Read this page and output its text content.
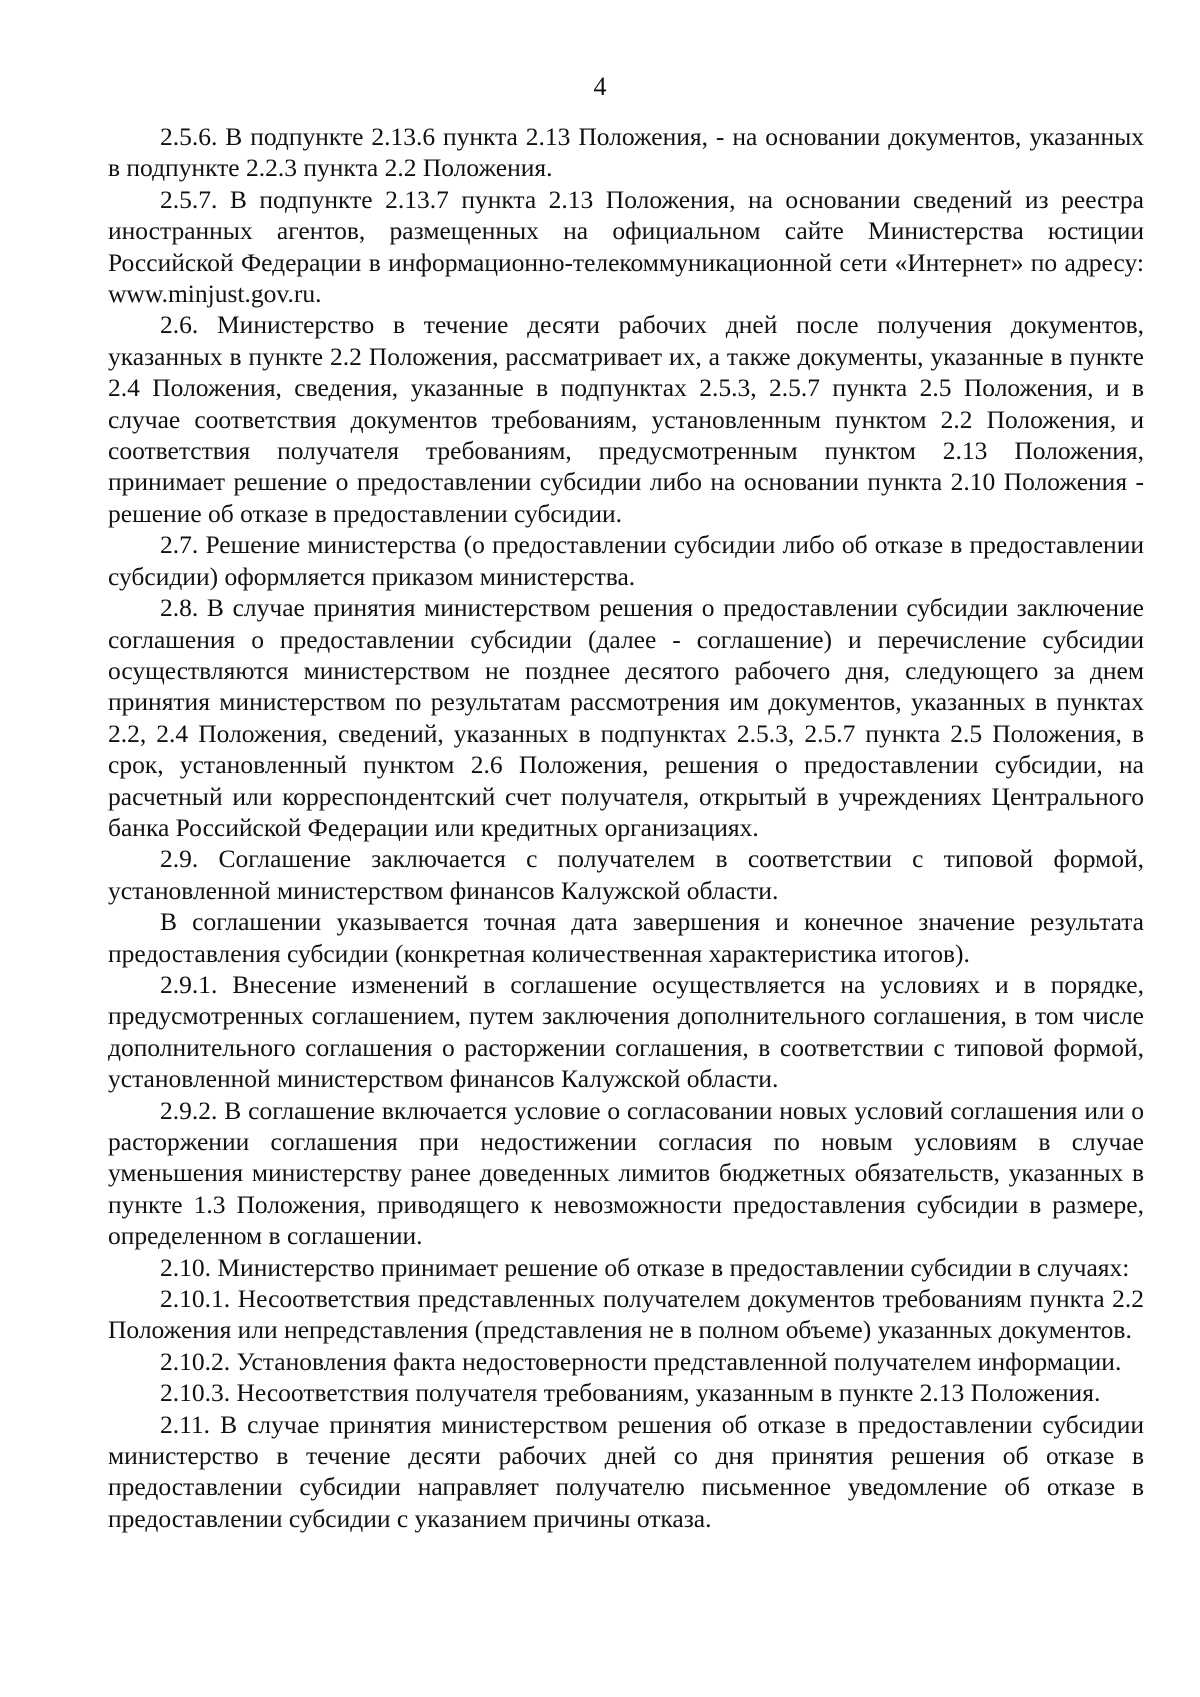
4

2.5.6. В подпункте 2.13.6 пункта 2.13 Положения, - на основании документов, указанных в подпункте 2.2.3 пункта 2.2 Положения.

2.5.7. В подпункте 2.13.7 пункта 2.13 Положения, на основании сведений из реестра иностранных агентов, размещенных на официальном сайте Министерства юстиции Российской Федерации в информационно-телекоммуникационной сети «Интернет» по адресу: www.minjust.gov.ru.

2.6. Министерство в течение десяти рабочих дней после получения документов, указанных в пункте 2.2 Положения, рассматривает их, а также документы, указанные в пункте 2.4 Положения, сведения, указанные в подпунктах 2.5.3, 2.5.7 пункта 2.5 Положения, и в случае соответствия документов требованиям, установленным пунктом 2.2 Положения, и соответствия получателя требованиям, предусмотренным пунктом 2.13 Положения, принимает решение о предоставлении субсидии либо на основании пункта 2.10 Положения - решение об отказе в предоставлении субсидии.

2.7. Решение министерства (о предоставлении субсидии либо об отказе в предоставлении субсидии) оформляется приказом министерства.

2.8. В случае принятия министерством решения о предоставлении субсидии заключение соглашения о предоставлении субсидии (далее - соглашение) и перечисление субсидии осуществляются министерством не позднее десятого рабочего дня, следующего за днем принятия министерством по результатам рассмотрения им документов, указанных в пунктах 2.2, 2.4 Положения, сведений, указанных в подпунктах 2.5.3, 2.5.7 пункта 2.5 Положения, в срок, установленный пунктом 2.6 Положения, решения о предоставлении субсидии, на расчетный или корреспондентский счет получателя, открытый в учреждениях Центрального банка Российской Федерации или кредитных организациях.

2.9. Соглашение заключается с получателем в соответствии с типовой формой, установленной министерством финансов Калужской области.

В соглашении указывается точная дата завершения и конечное значение результата предоставления субсидии (конкретная количественная характеристика итогов).

2.9.1. Внесение изменений в соглашение осуществляется на условиях и в порядке, предусмотренных соглашением, путем заключения дополнительного соглашения, в том числе дополнительного соглашения о расторжении соглашения, в соответствии с типовой формой, установленной министерством финансов Калужской области.

2.9.2. В соглашение включается условие о согласовании новых условий соглашения или о расторжении соглашения при недостижении согласия по новым условиям в случае уменьшения министерству ранее доведенных лимитов бюджетных обязательств, указанных в пункте 1.3 Положения, приводящего к невозможности предоставления субсидии в размере, определенном в соглашении.

2.10. Министерство принимает решение об отказе в предоставлении субсидии в случаях:

2.10.1. Несоответствия представленных получателем документов требованиям пункта 2.2 Положения или непредставления (представления не в полном объеме) указанных документов.

2.10.2. Установления факта недостоверности представленной получателем информации.

2.10.3. Несоответствия получателя требованиям, указанным в пункте 2.13 Положения.

2.11. В случае принятия министерством решения об отказе в предоставлении субсидии министерство в течение десяти рабочих дней со дня принятия решения об отказе в предоставлении субсидии направляет получателю письменное уведомление об отказе в предоставлении субсидии с указанием причины отказа.
